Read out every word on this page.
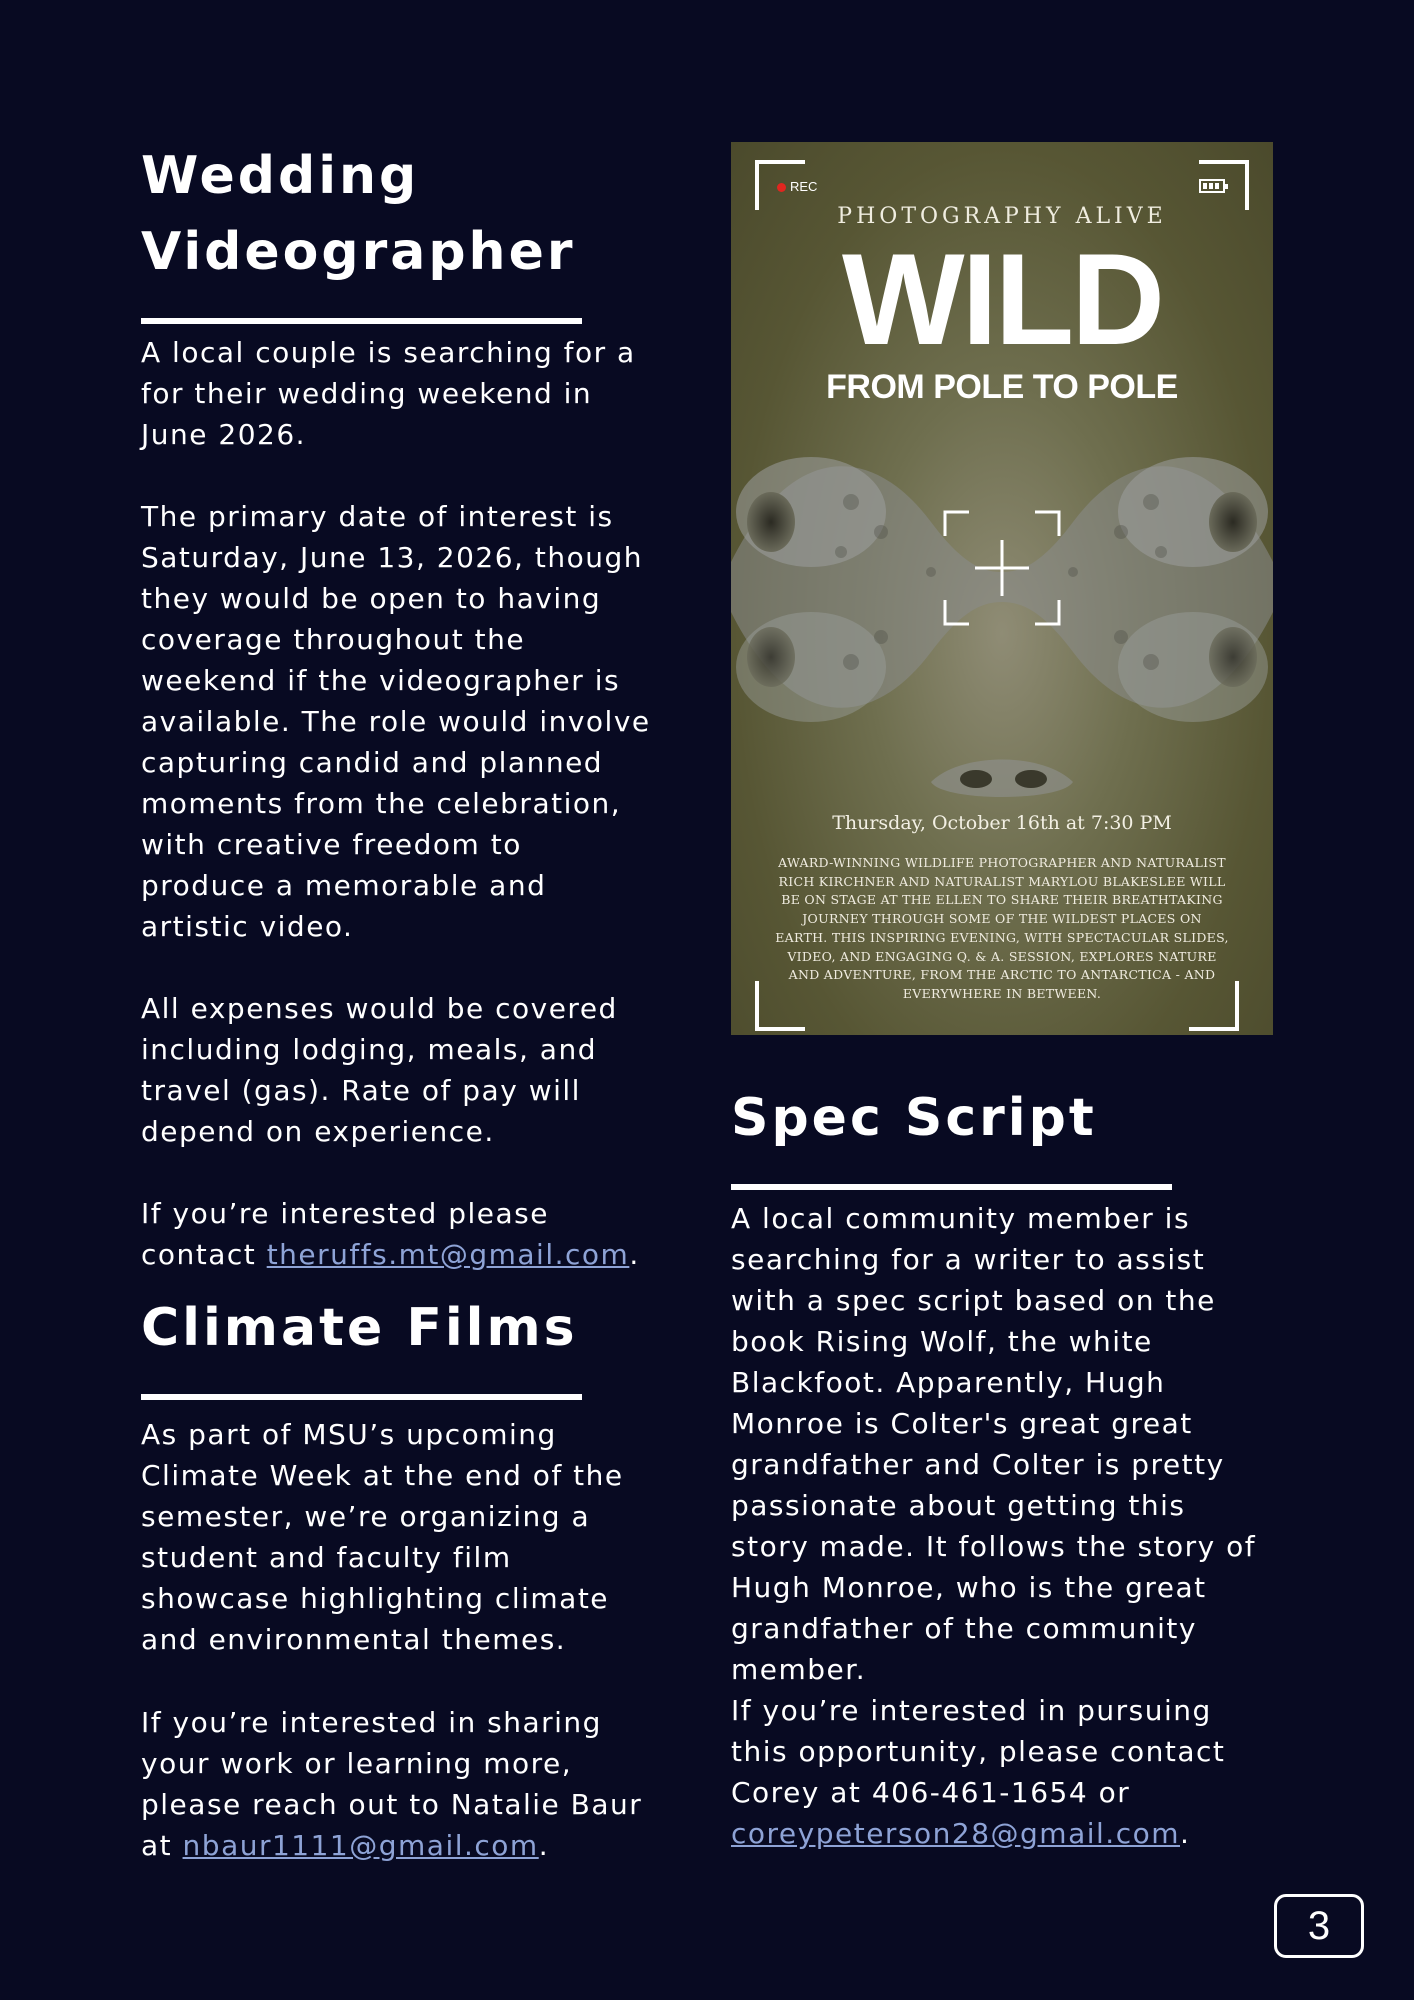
Wedding Videographer

A local couple is searching for a for their wedding weekend in June 2026.

The primary date of interest is Saturday, June 13, 2026, though they would be open to having coverage throughout the weekend if the videographer is available. The role would involve capturing candid and planned moments from the celebration, with creative freedom to produce a memorable and artistic video.

All expenses would be covered including lodging, meals, and travel (gas). Rate of pay will depend on experience.

If you’re interested please contact theruffs.mt@gmail.com.

Climate Films

As part of MSU’s upcoming Climate Week at the end of the semester, we’re organizing a student and faculty film showcase highlighting climate and environmental themes.

If you’re interested in sharing your work or learning more, please reach out to Natalie Baur at nbaur1111@gmail.com.

REC
PHOTOGRAPHY ALIVE
WILD
FROM POLE TO POLE
Thursday, October 16th at 7:30 PM

AWARD-WINNING WILDLIFE PHOTOGRAPHER AND NATURALIST RICH KIRCHNER AND NATURALIST MARYLOU BLAKESLEE WILL BE ON STAGE AT THE ELLEN TO SHARE THEIR BREATHTAKING JOURNEY THROUGH SOME OF THE WILDEST PLACES ON EARTH. THIS INSPIRING EVENING, WITH SPECTACULAR SLIDES, VIDEO, AND ENGAGING Q. & A. SESSION, EXPLORES NATURE AND ADVENTURE, FROM THE ARCTIC TO ANTARCTICA - AND EVERYWHERE IN BETWEEN.

Spec Script

A local community member is searching for a writer to assist with a spec script based on the book Rising Wolf, the white Blackfoot. Apparently, Hugh Monroe is Colter's great great grandfather and Colter is pretty passionate about getting this story made. It follows the story of Hugh Monroe, who is the great grandfather of the community member.

If you’re interested in pursuing this opportunity, please contact Corey at 406-461-1654 or coreypeterson28@gmail.com.

3
